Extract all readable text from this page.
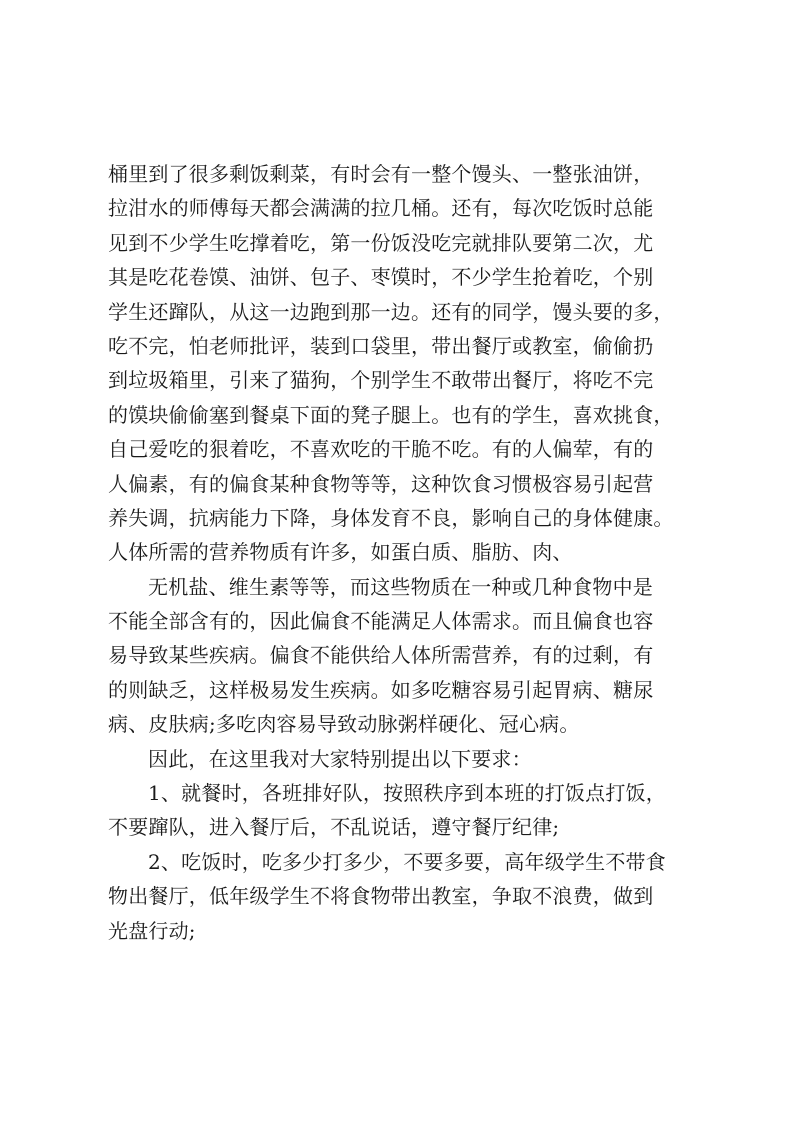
桶里到了很多剩饭剩菜，有时会有一整个馒头、一整张油饼，
拉泔水的师傅每天都会满满的拉几桶。还有，每次吃饭时总能
见到不少学生吃撑着吃，第一份饭没吃完就排队要第二次，尤
其是吃花卷馍、油饼、包子、枣馍时，不少学生抢着吃，个别
学生还蹿队，从这一边跑到那一边。还有的同学，馒头要的多，
吃不完，怕老师批评，装到口袋里，带出餐厅或教室，偷偷扔
到垃圾箱里，引来了猫狗，个别学生不敢带出餐厅，将吃不完
的馍块偷偷塞到餐桌下面的凳子腿上。也有的学生，喜欢挑食，
自己爱吃的狠着吃，不喜欢吃的干脆不吃。有的人偏荤，有的
人偏素，有的偏食某种食物等等，这种饮食习惯极容易引起营
养失调，抗病能力下降，身体发育不良，影响自己的身体健康。
人体所需的营养物质有许多，如蛋白质、脂肪、肉、
无机盐、维生素等等，而这些物质在一种或几种食物中是
不能全部含有的，因此偏食不能满足人体需求。而且偏食也容
易导致某些疾病。偏食不能供给人体所需营养，有的过剩，有
的则缺乏，这样极易发生疾病。如多吃糖容易引起胃病、糖尿
病、皮肤病;多吃肉容易导致动脉粥样硬化、冠心病。
因此，在这里我对大家特别提出以下要求：
1、就餐时，各班排好队，按照秩序到本班的打饭点打饭，
不要蹿队，进入餐厅后，不乱说话，遵守餐厅纪律;
2、吃饭时，吃多少打多少，不要多要，高年级学生不带食
物出餐厅，低年级学生不将食物带出教室，争取不浪费，做到
光盘行动;
